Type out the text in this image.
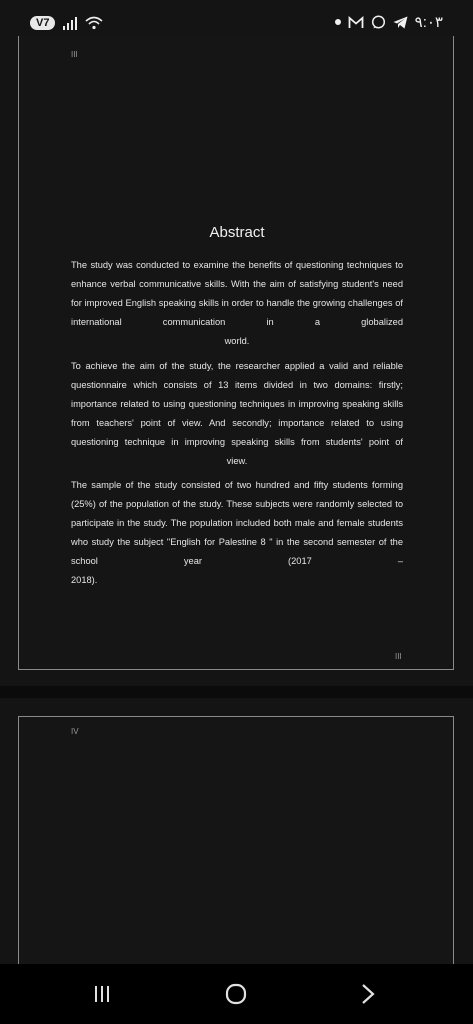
V7	٩:٠٣
III
Abstract
The study was conducted to examine the benefits of questioning techniques to enhance verbal communicative skills. With the aim of satisfying student's need for improved English speaking skills in order to handle the growing challenges of international communication in a globalized
world.
To achieve the aim of the study, the researcher applied a valid and reliable questionnaire which consists of 13 items divided in two domains: firstly; importance related to using questioning techniques in improving speaking skills from teachers' point of view. And secondly; importance related to using questioning technique in improving speaking skills from students' point of
view.
The sample of the study consisted of two hundred and fifty students forming (25%) of the population of the study. These subjects were randomly selected to participate in the study. The population included both male and female students who study the subject "English for Palestine 8 " in the second semester of the school year (2017 –
2018).
III
IV
